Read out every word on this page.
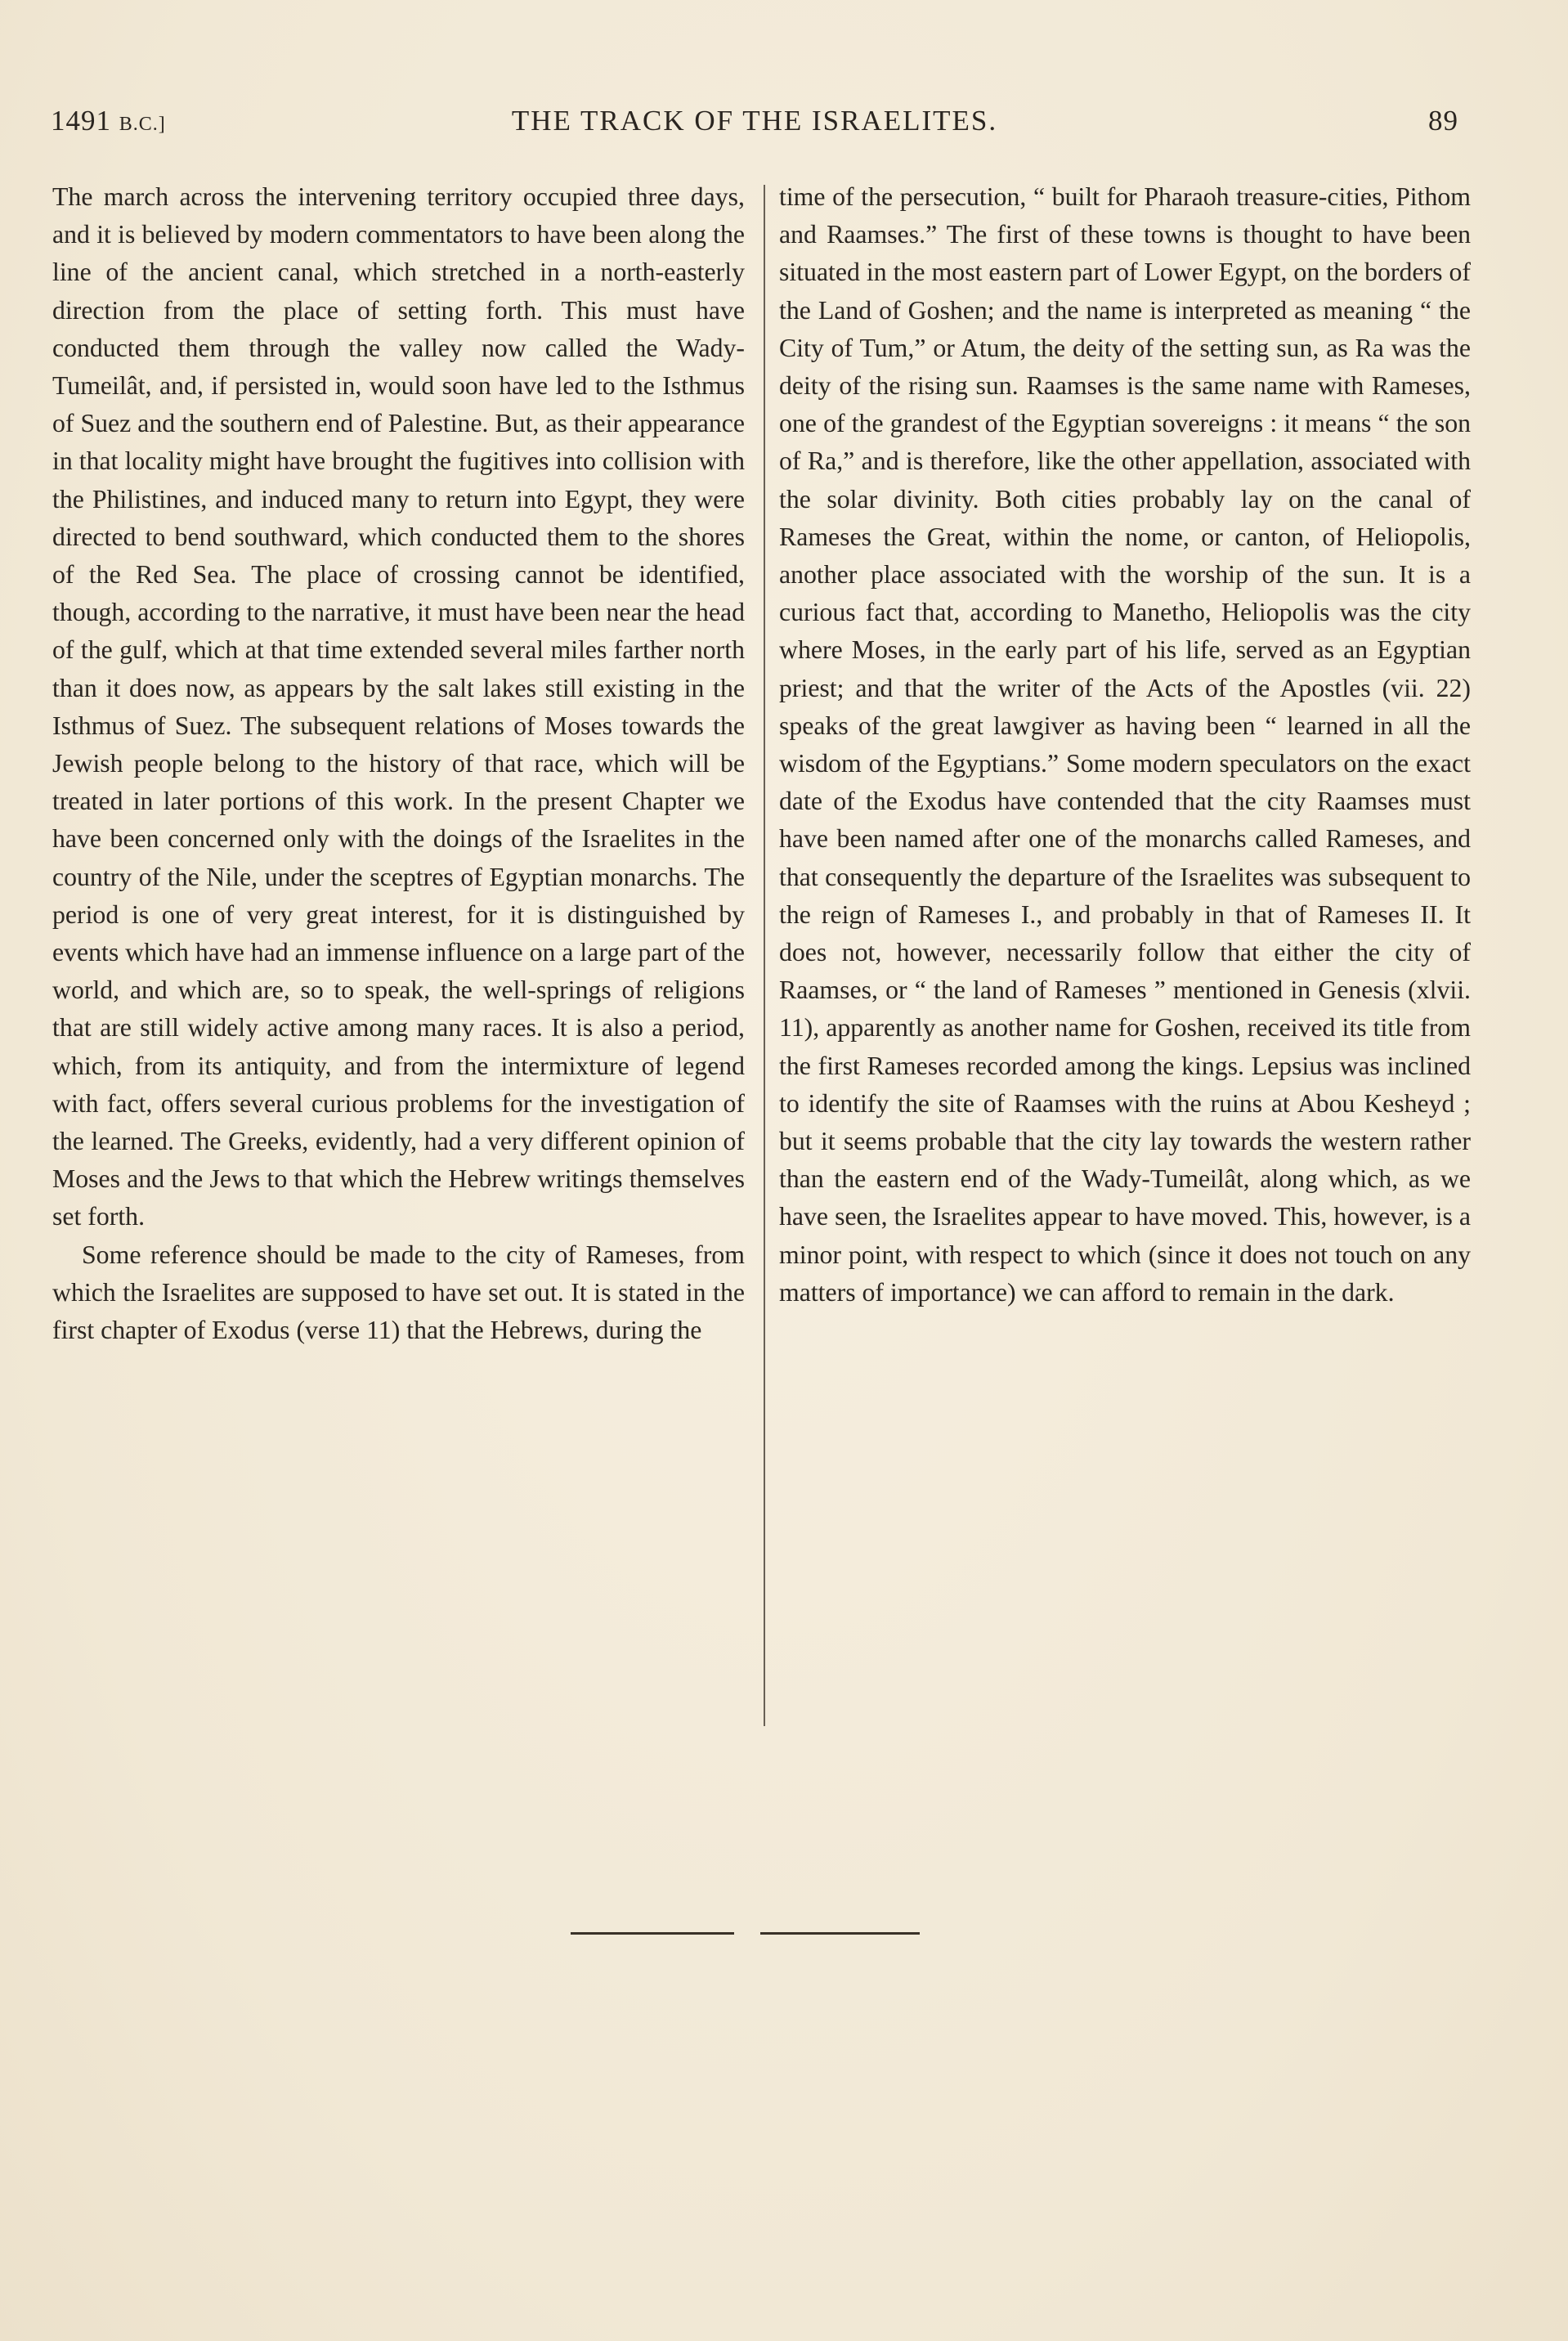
1491 B.C.]	THE TRACK OF THE ISRAELITES.	89

The march across the intervening territory occupied three days, and it is believed by modern commentators to have been along the line of the ancient canal, which stretched in a north-easterly direction from the place of setting forth. This must have conducted them through the valley now called the Wady-Tumeilât, and, if persisted in, would soon have led to the Isthmus of Suez and the southern end of Palestine. But, as their appearance in that locality might have brought the fugitives into collision with the Philistines, and induced many to return into Egypt, they were directed to bend southward, which conducted them to the shores of the Red Sea. The place of crossing cannot be identified, though, according to the narrative, it must have been near the head of the gulf, which at that time extended several miles farther north than it does now, as appears by the salt lakes still existing in the Isthmus of Suez. The subsequent relations of Moses towards the Jewish people belong to the history of that race, which will be treated in later portions of this work. In the present Chapter we have been concerned only with the doings of the Israelites in the country of the Nile, under the sceptres of Egyptian monarchs. The period is one of very great interest, for it is distinguished by events which have had an immense influence on a large part of the world, and which are, so to speak, the well-springs of religions that are still widely active among many races. It is also a period, which, from its antiquity, and from the intermixture of legend with fact, offers several curious problems for the investigation of the learned. The Greeks, evidently, had a very different opinion of Moses and the Jews to that which the Hebrew writings themselves set forth.

Some reference should be made to the city of Rameses, from which the Israelites are supposed to have set out. It is stated in the first chapter of Exodus (verse 11) that the Hebrews, during the

time of the persecution, “ built for Pharaoh treasure-cities, Pithom and Raamses.” The first of these towns is thought to have been situated in the most eastern part of Lower Egypt, on the borders of the Land of Goshen; and the name is interpreted as meaning “ the City of Tum,” or Atum, the deity of the setting sun, as Ra was the deity of the rising sun. Raamses is the same name with Rameses, one of the grandest of the Egyptian sovereigns : it means “ the son of Ra,” and is therefore, like the other appellation, associated with the solar divinity. Both cities probably lay on the canal of Rameses the Great, within the nome, or canton, of Heliopolis, another place associated with the worship of the sun. It is a curious fact that, according to Manetho, Heliopolis was the city where Moses, in the early part of his life, served as an Egyptian priest; and that the writer of the Acts of the Apostles (vii. 22) speaks of the great lawgiver as having been “ learned in all the wisdom of the Egyptians.” Some modern speculators on the exact date of the Exodus have contended that the city Raamses must have been named after one of the monarchs called Rameses, and that consequently the departure of the Israelites was subsequent to the reign of Rameses I., and probably in that of Rameses II. It does not, however, necessarily follow that either the city of Raamses, or “ the land of Rameses ” mentioned in Genesis (xlvii. 11), apparently as another name for Goshen, received its title from the first Rameses recorded among the kings. Lepsius was inclined to identify the site of Raamses with the ruins at Abou Kesheyd ; but it seems probable that the city lay towards the western rather than the eastern end of the Wady-Tumeilât, along which, as we have seen, the Israelites appear to have moved. This, however, is a minor point, with respect to which (since it does not touch on any matters of importance) we can afford to remain in the dark.
